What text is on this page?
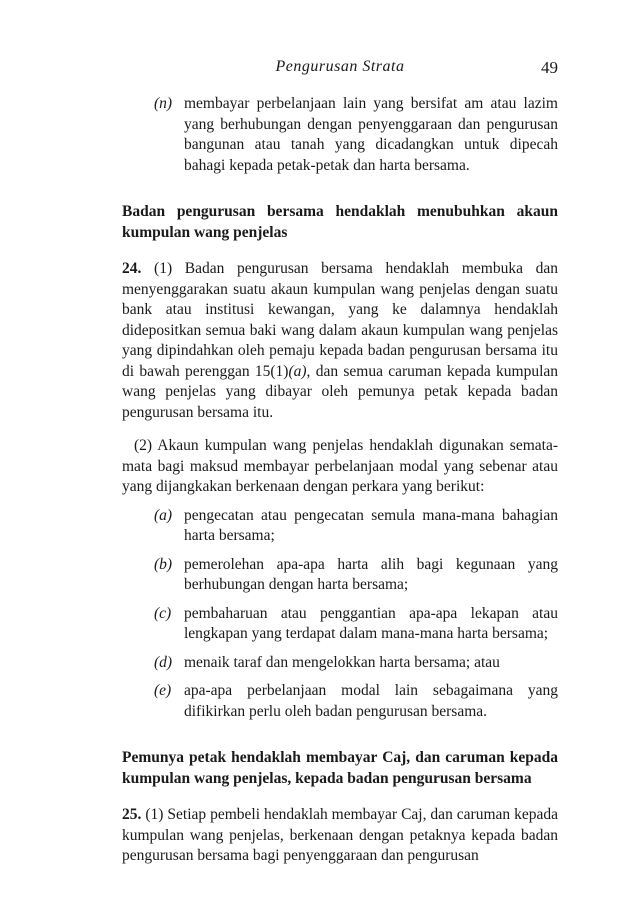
Pengurusan Strata	49
(n) membayar perbelanjaan lain yang bersifat am atau lazim yang berhubungan dengan penyenggaraan dan pengurusan bangunan atau tanah yang dicadangkan untuk dipecah bahagi kepada petak-petak dan harta bersama.

Badan pengurusan bersama hendaklah menubuhkan akaun kumpulan wang penjelas

24. (1) Badan pengurusan bersama hendaklah membuka dan menyenggarakan suatu akaun kumpulan wang penjelas dengan suatu bank atau institusi kewangan, yang ke dalamnya hendaklah didepositkan semua baki wang dalam akaun kumpulan wang penjelas yang dipindahkan oleh pemaju kepada badan pengurusan bersama itu di bawah perenggan 15(1)(a), dan semua caruman kepada kumpulan wang penjelas yang dibayar oleh pemunya petak kepada badan pengurusan bersama itu.

(2) Akaun kumpulan wang penjelas hendaklah digunakan semata-mata bagi maksud membayar perbelanjaan modal yang sebenar atau yang dijangkakan berkenaan dengan perkara yang berikut:

(a) pengecatan atau pengecatan semula mana-mana bahagian harta bersama;
(b) pemerolehan apa-apa harta alih bagi kegunaan yang berhubungan dengan harta bersama;
(c) pembaharuan atau penggantian apa-apa lekapan atau lengkapan yang terdapat dalam mana-mana harta bersama;
(d) menaik taraf dan mengelokkan harta bersama; atau
(e) apa-apa perbelanjaan modal lain sebagaimana yang difikirkan perlu oleh badan pengurusan bersama.

Pemunya petak hendaklah membayar Caj, dan caruman kepada kumpulan wang penjelas, kepada badan pengurusan bersama

25. (1) Setiap pembeli hendaklah membayar Caj, dan caruman kepada kumpulan wang penjelas, berkenaan dengan petaknya kepada badan pengurusan bersama bagi penyenggaraan dan pengurusan
